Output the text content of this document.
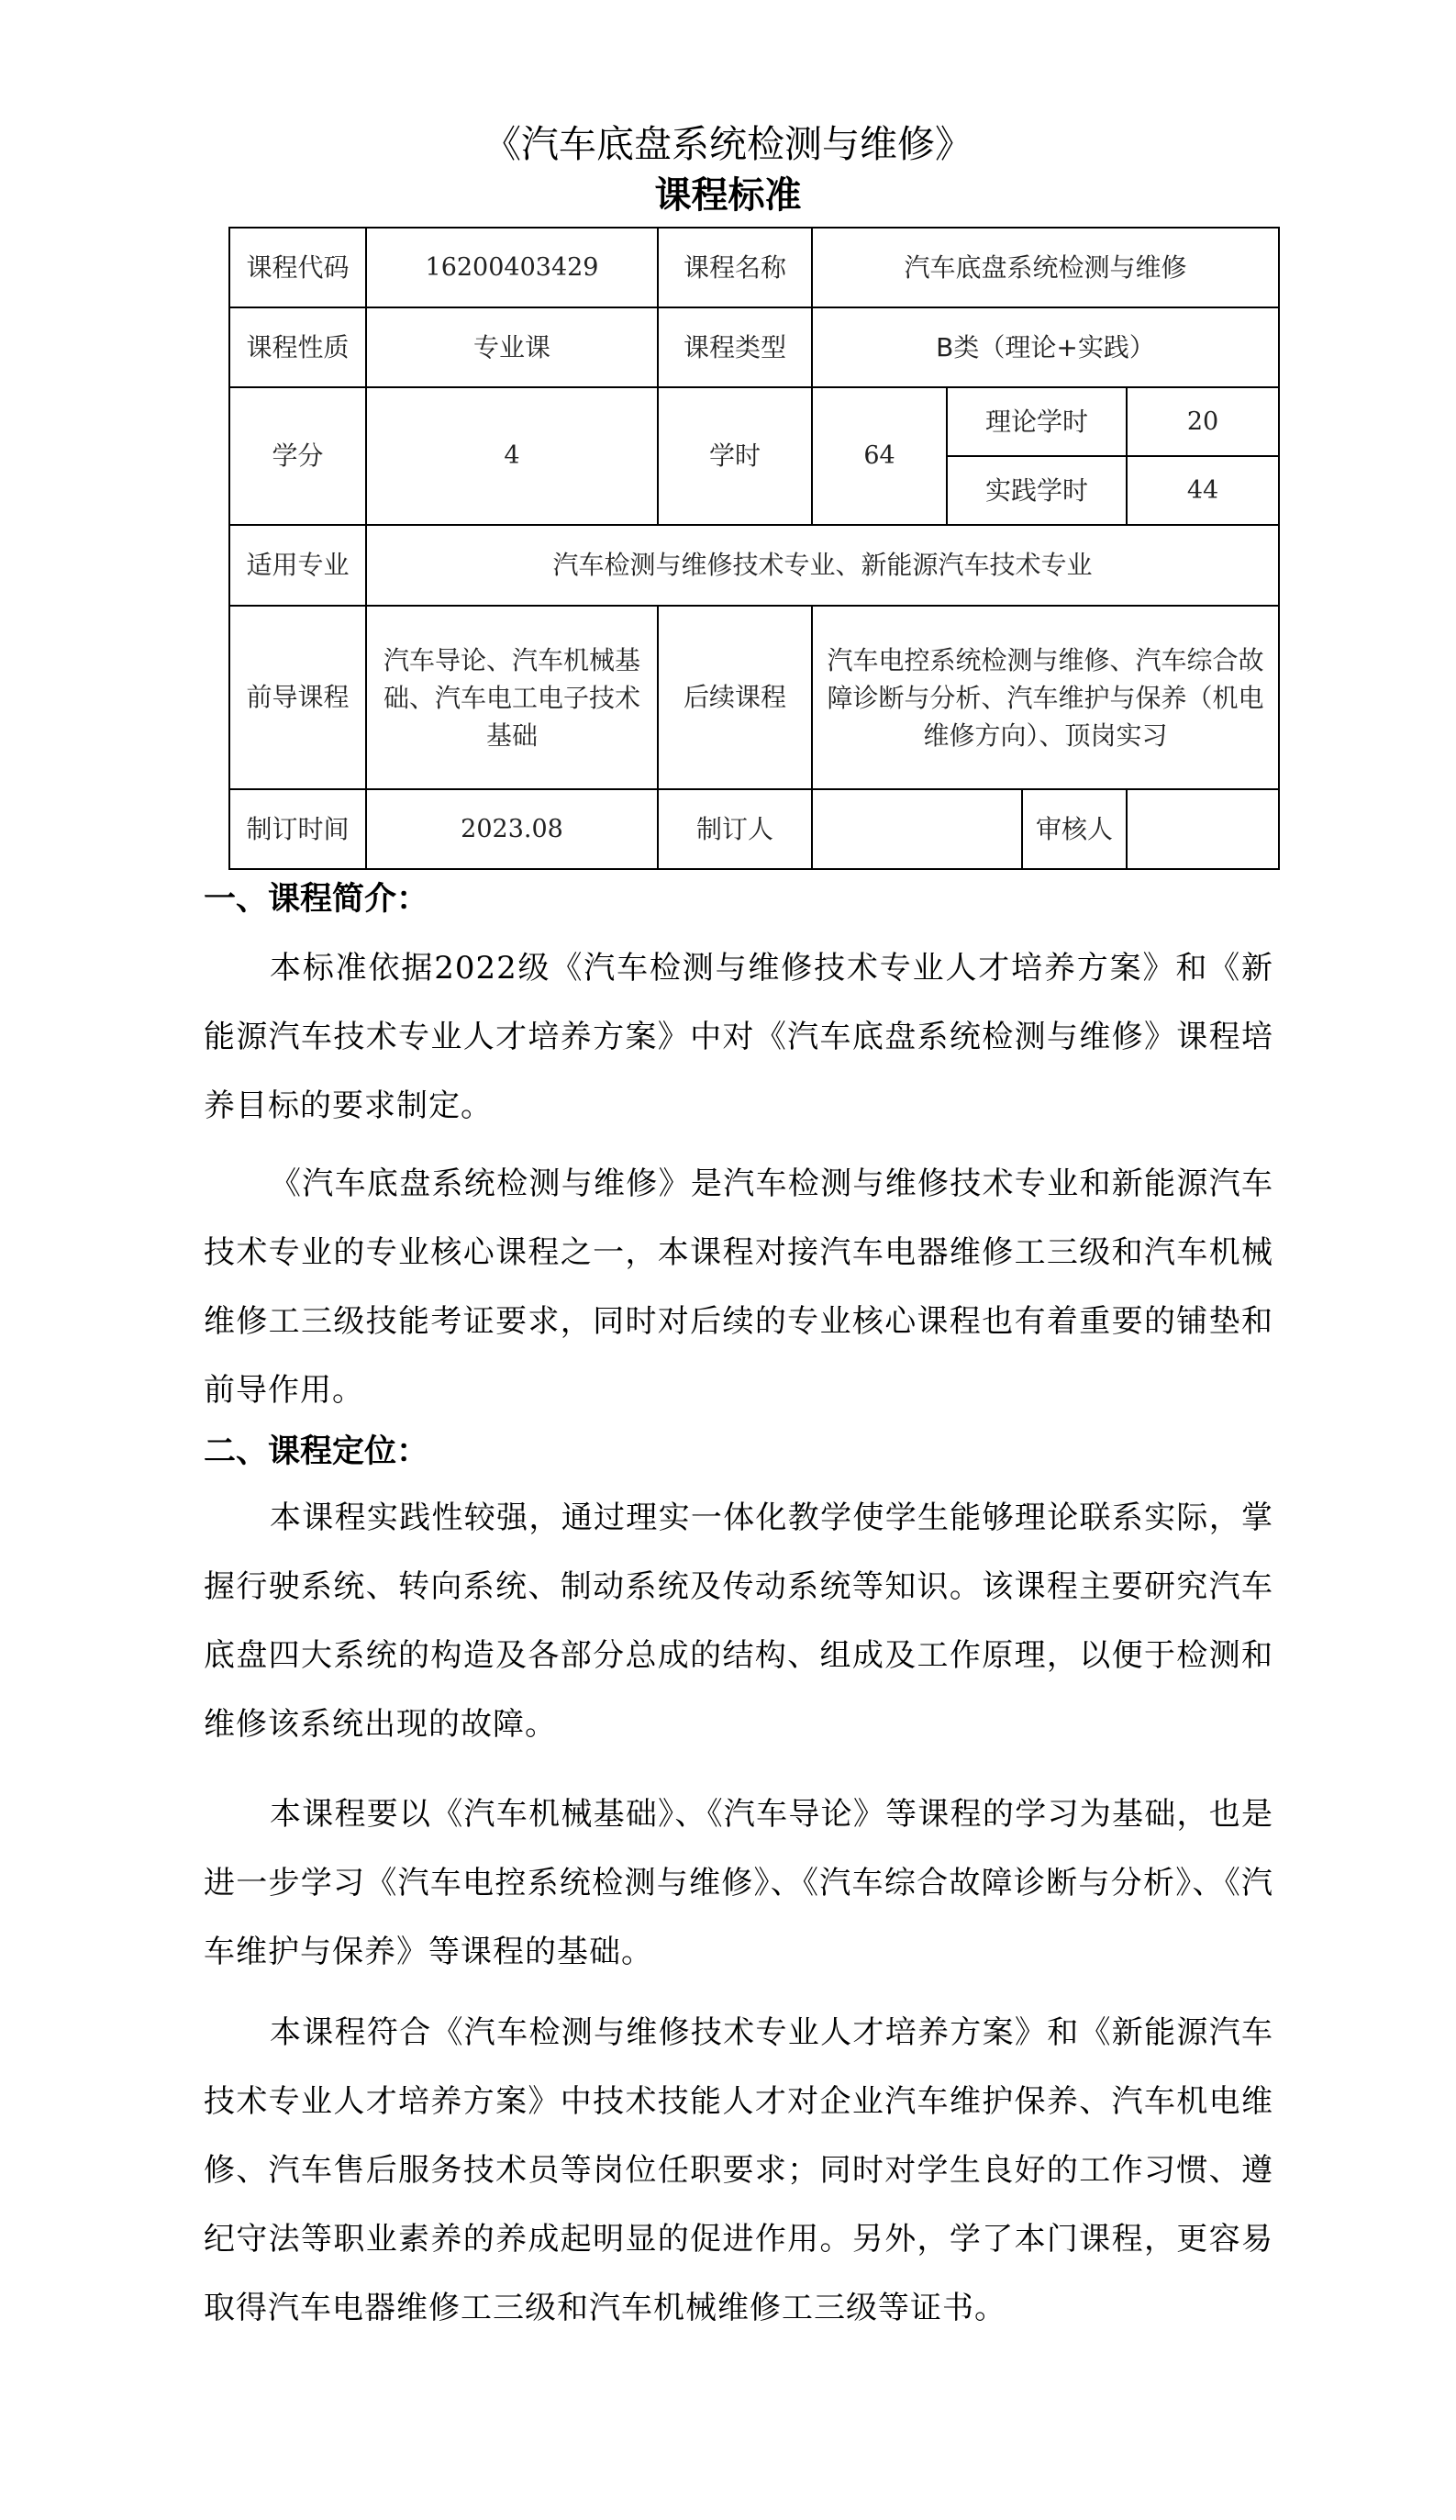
《汽车底盘系统检测与维修》
课程标准
课程代码	16200403429	课程名称	汽车底盘系统检测与维修			
课程性质	专业课	课程类型	B类（理论+实践）			
学分	4	学时	64	理论学时		20
				实践学时		44
适用专业	汽车检测与维修技术专业、新能源汽车技术专业					
前导课程	汽车导论、汽车机械基础、汽车电工电子技术基础	后续课程	汽车电控系统检测与维修、汽车综合故障诊断与分析、汽车维护与保养（机电维修方向）、顶岗实习			
制订时间	2023.08	制订人			审核人	
一、课程简介：
本标准依据2022级《汽车检测与维修技术专业人才培养方案》和《新能源汽车技术专业人才培养方案》中对《汽车底盘系统检测与维修》课程培养目标的要求制定。
《汽车底盘系统检测与维修》是汽车检测与维修技术专业和新能源汽车技术专业的专业核心课程之一，本课程对接汽车电器维修工三级和汽车机械维修工三级技能考证要求，同时对后续的专业核心课程也有着重要的铺垫和前导作用。
二、课程定位：
本课程实践性较强，通过理实一体化教学使学生能够理论联系实际，掌握行驶系统、转向系统、制动系统及传动系统等知识。该课程主要研究汽车底盘四大系统的构造及各部分总成的结构、组成及工作原理，以便于检测和维修该系统出现的故障。
本课程要以《汽车机械基础》、《汽车导论》等课程的学习为基础，也是进一步学习《汽车电控系统检测与维修》、《汽车综合故障诊断与分析》、《汽车维护与保养》等课程的基础。
本课程符合《汽车检测与维修技术专业人才培养方案》和《新能源汽车技术专业人才培养方案》中技术技能人才对企业汽车维护保养、汽车机电维修、汽车售后服务技术员等岗位任职要求；同时对学生良好的工作习惯、遵纪守法等职业素养的养成起明显的促进作用。另外，学了本门课程，更容易取得汽车电器维修工三级和汽车机械维修工三级等证书。
